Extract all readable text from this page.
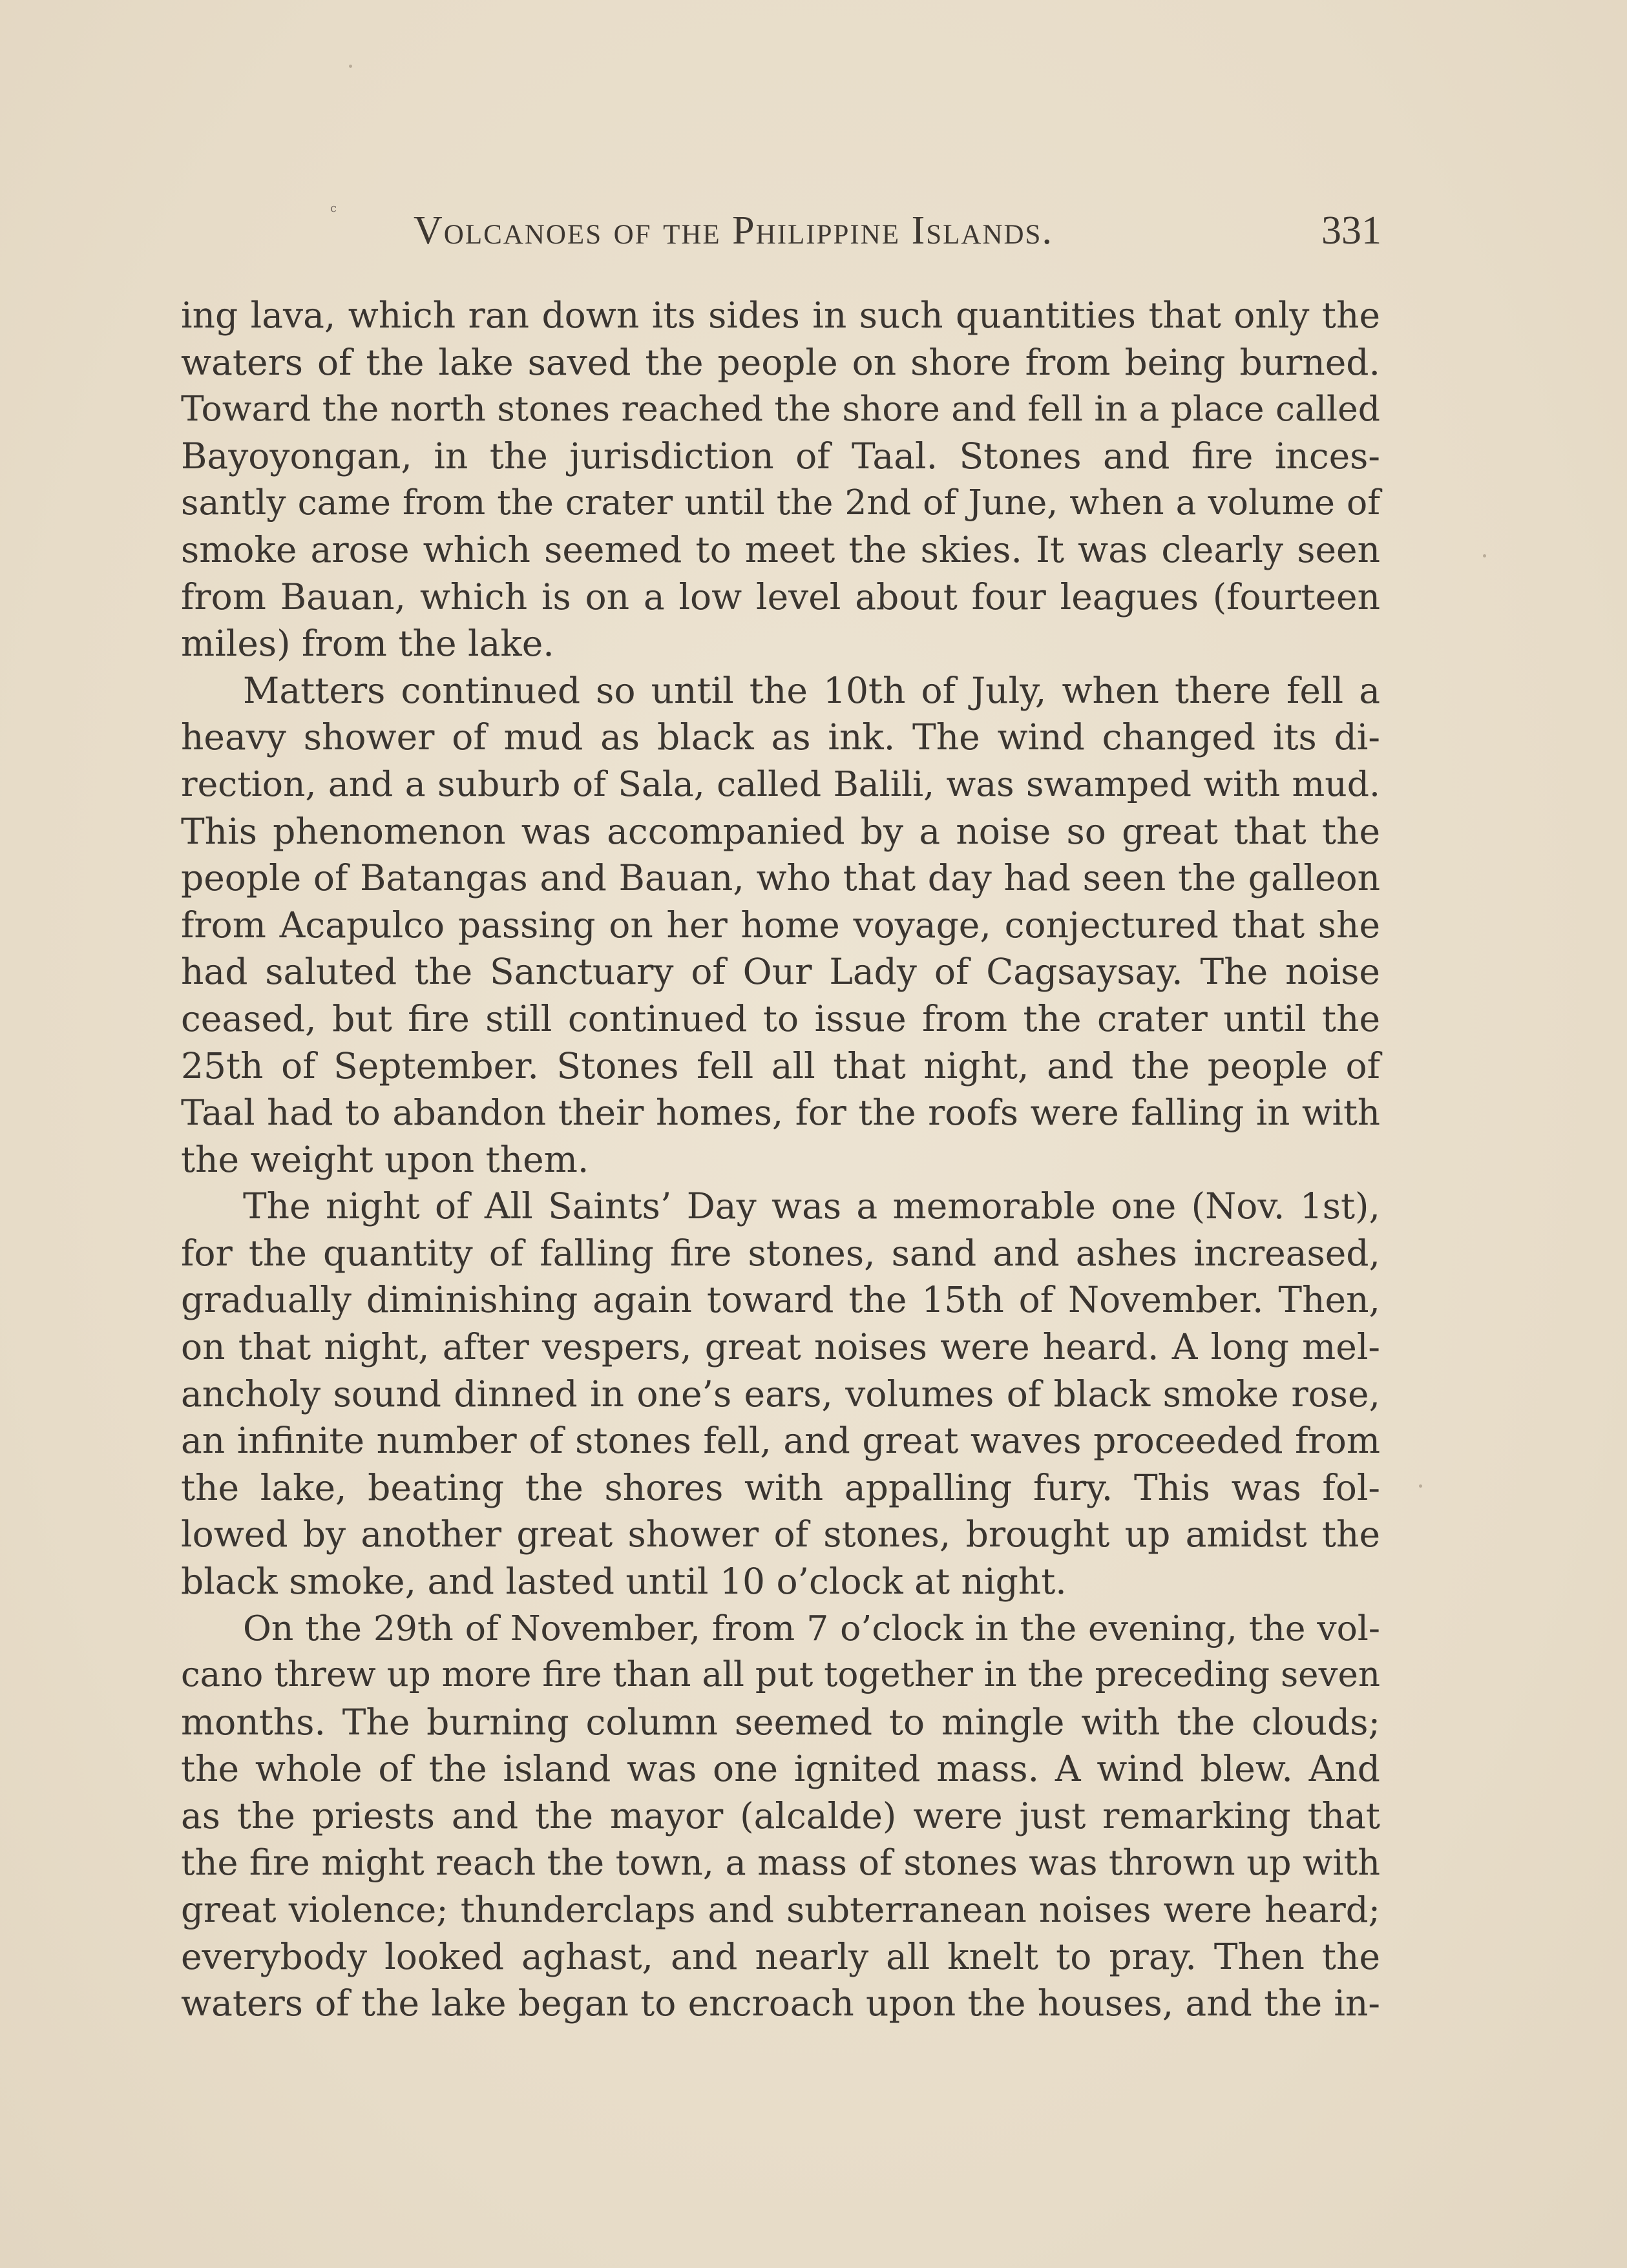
c
Volcanoes of the Philippine Islands.	331
ing lava, which ran down its sides in such quantities that only the
waters of the lake saved the people on shore from being burned.
Toward the north stones reached the shore and fell in a place called
Bayoyongan, in the jurisdiction of Taal. Stones and fire inces-
santly came from the crater until the 2nd of June, when a volume of
smoke arose which seemed to meet the skies. It was clearly seen
from Bauan, which is on a low level about four leagues (fourteen
miles) from the lake.
Matters continued so until the 10th of July, when there fell a
heavy shower of mud as black as ink. The wind changed its di-
rection, and a suburb of Sala, called Balili, was swamped with mud.
This phenomenon was accompanied by a noise so great that the
people of Batangas and Bauan, who that day had seen the galleon
from Acapulco passing on her home voyage, conjectured that she
had saluted the Sanctuary of Our Lady of Cagsaysay. The noise
ceased, but fire still continued to issue from the crater until the
25th of September. Stones fell all that night, and the people of
Taal had to abandon their homes, for the roofs were falling in with
the weight upon them.
The night of All Saints’ Day was a memorable one (Nov. 1st),
for the quantity of falling fire stones, sand and ashes increased,
gradually diminishing again toward the 15th of November. Then,
on that night, after vespers, great noises were heard. A long mel-
ancholy sound dinned in one’s ears, volumes of black smoke rose,
an infinite number of stones fell, and great waves proceeded from
the lake, beating the shores with appalling fury. This was fol-
lowed by another great shower of stones, brought up amidst the
black smoke, and lasted until 10 o’clock at night.
On the 29th of November, from 7 o’clock in the evening, the vol-
cano threw up more fire than all put together in the preceding seven
months. The burning column seemed to mingle with the clouds;
the whole of the island was one ignited mass. A wind blew. And
as the priests and the mayor (alcalde) were just remarking that
the fire might reach the town, a mass of stones was thrown up with
great violence; thunderclaps and subterranean noises were heard;
everybody looked aghast, and nearly all knelt to pray. Then the
waters of the lake began to encroach upon the houses, and the in-
